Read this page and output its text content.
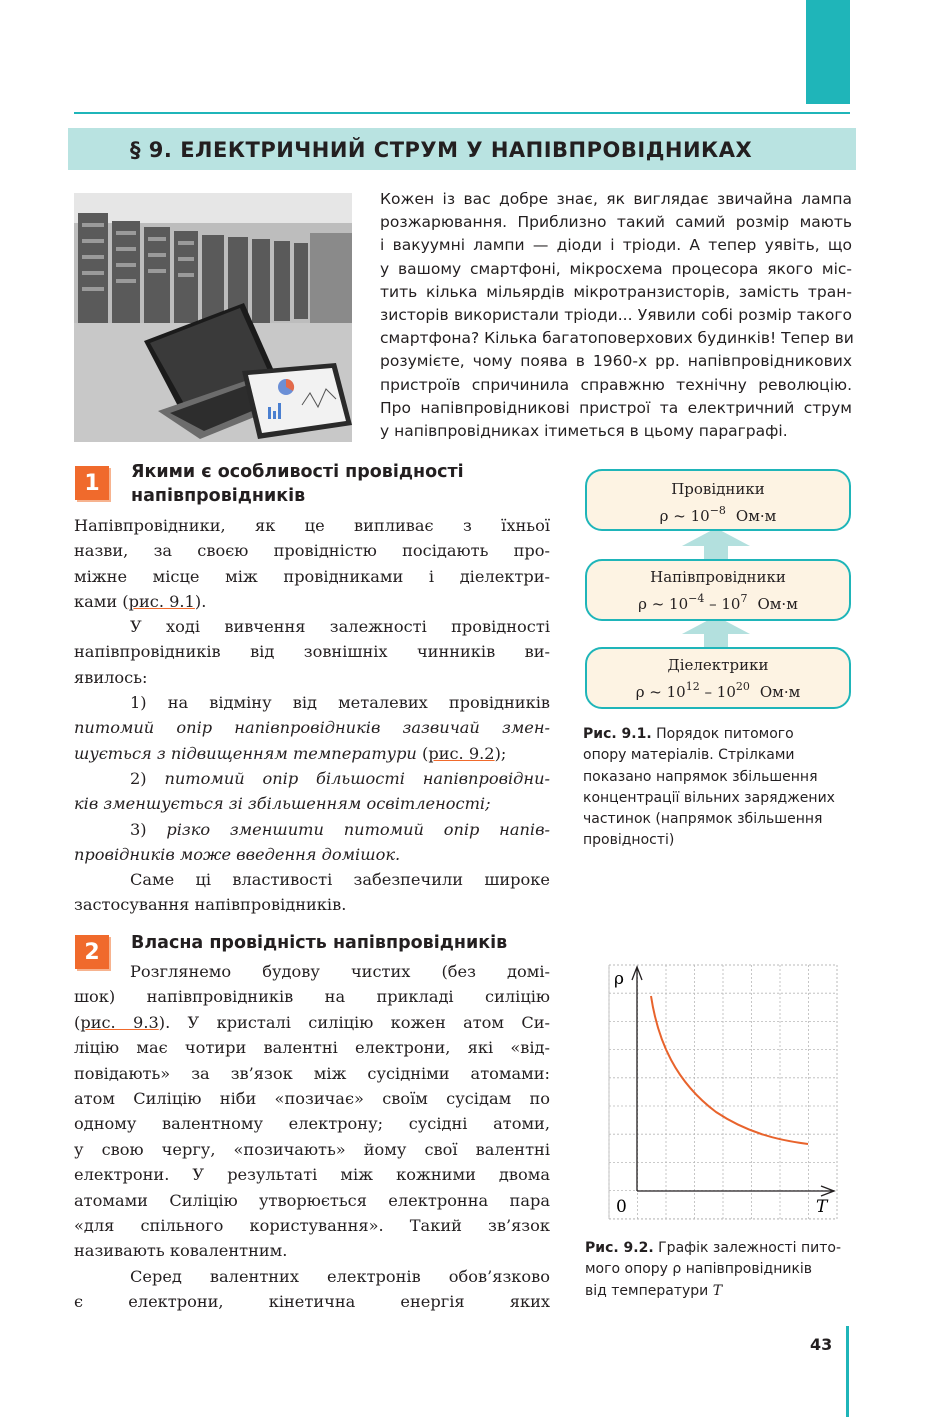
§ 9. ЕЛЕКТРИЧНИЙ СТРУМ У НАПІВПРОВІДНИКАХ
Кожен із вас добре знає, як виглядає звичайна лампа
розжарювання. Приблизно такий самий розмір мають
і вакуумні лампи — діоди і тріоди. А тепер уявіть, що
у вашому смартфоні, мікросхема процесора якого міс-
тить кілька мільярдів мікротранзисторів, замість тран-
зисторів використали тріоди... Уявили собі розмір такого
смартфона? Кілька багатоповерхових будинків! Тепер ви
розумієте, чому поява в 1960-х рр. напівпровідникових
пристроїв спричинила справжню технічну революцію.
Про напівпровідникові пристрої та електричний струм
у напівпровідниках ітиметься в цьому параграфі.
1	Якими є особливості провідності
напівпровідників
Напівпровідники, як це випливає з їхньої
назви, за своєю провідністю посідають про-
міжне місце між провідниками і діелектри-
ками (рис. 9.1).
У ході вивчення залежності провідності
напівпровідників від зовнішніх чинників ви-
явилось:
1) на відміну від металевих провідників
питомий опір напівпровідників зазвичай змен-
шується з підвищенням температури (рис. 9.2);
2) питомий опір більшості напівпровідни-
ків зменшується зі збільшенням освітленості;
3) різко зменшити питомий опір напів-
провідників може введення домішок.
Саме ці властивості забезпечили широке
застосування напівпровідників.
2	Власна провідність напівпровідників
Розглянемо будову чистих (без домі-
шок) напівпровідників на прикладі силіцію
(рис. 9.3). У кристалі силіцію кожен атом Си-
ліцію має чотири валентні електрони, які «від-
повідають» за зв’язок між сусідніми атомами:
атом Силіцію ніби «позичає» своїм сусідам по
одному валентному електрону; сусідні атоми,
у свою чергу, «позичають» йому свої валентні
електрони. У результаті між кожними двома
атомами Силіцію утворюється електронна пара
«для спільного користування». Такий зв’язок
називають ковалентним.
Серед валентних електронів обов’язково
є електрони, кінетична енергія яких
Провідники
ρ ~ $10^{-8}$ Ом·м
Напівпровідники
ρ ~ $10^{-4} - 10^7$ Ом·м
Діелектрики
ρ ~ $10^{12} - 10^{20}$ Ом·м
Рис. 9.1. Порядок питомого
опору матеріалів. Стрілками
показано напрямок збільшення
концентрації вільних заряджених
частинок (напрямок збільшення
провідності)
ρ
0	T
Рис. 9.2. Графік залежності пито-
мого опору ρ напівпровідників
від температури T
43
